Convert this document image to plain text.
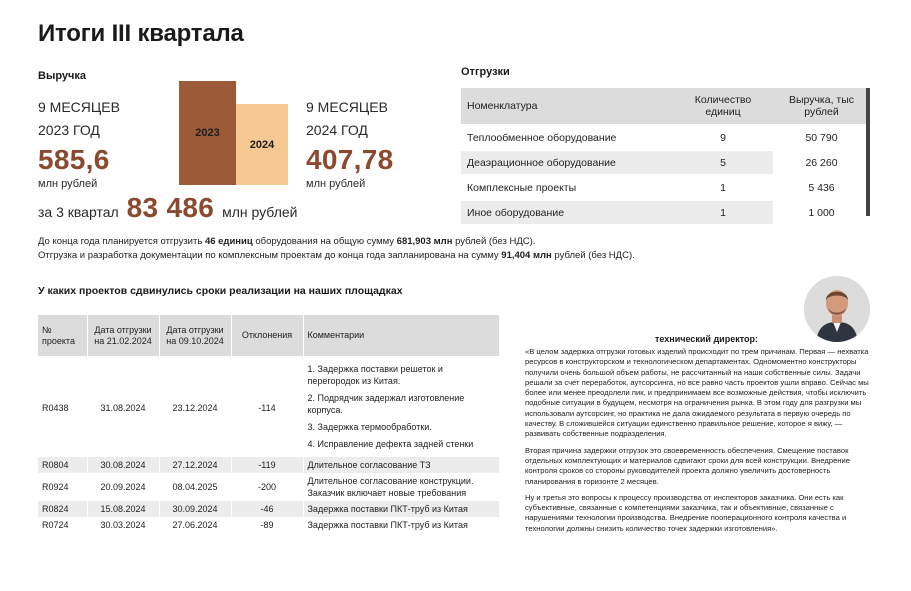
Итоги III квартала
Выручка
9 МЕСЯЦЕВ
2023 ГОД
585,6
млн рублей
2023
2024
9 МЕСЯЦЕВ
2024 ГОД
407,78
млн рублей
за 3 квартал 83 486 млн рублей
До конца года планируется отгрузить 46 единиц оборудования на общую сумму 681,903 млн рублей (без НДС).
Отгрузка и разработка документации по комплексным проектам до конца года запланирована на сумму 91,404 млн рублей (без НДС).
Отгрузки
Номенклатура	Количество единиц	Выручка, тыс рублей
Теплообменное оборудование	9	50 790
Деаэрационное оборудование	5	26 260
Комплексные проекты	1	5 436
Иное оборудование	1	1 000
У каких проектов сдвинулись сроки реализации на наших площадках
№ проекта	Дата отгрузки на 21.02.2024	Дата отгрузки на 09.10.2024	Отклонения	Комментарии
R0438	31.08.2024	23.12.2024	-114	1. Задержка поставки решеток и перегородок из Китая.
2. Подрядчик задержал изготовление корпуса.
3. Задержка термообработки.
4. Исправление дефекта задней стенки

R0804	30.08.2024	27.12.2024	-119	Длительное согласование ТЗ
R0924	20.09.2024	08.04.2025	-200	Длительное согласование конструкции. Заказчик включает новые требования
R0824	15.08.2024	30.09.2024	-46	Задержка поставки ПКТ-труб из Китая
R0724	30.03.2024	27.06.2024	-89	Задержка поставки ПКТ-труб из Китая
технический директор:

«В целом задержка отгрузки готовых изделий происходит по трем причинам. Первая — нехватка ресурсов в конструкторском и технологическом департаментах. Одномоментно конструкторы получили очень большой объем работы, не рассчитанный на наши собственные силы. Задачи решали за счет переработок, аутсорсинга, но все равно часть проектов ушли вправо. Сейчас мы более или менее преодолели пик, и предпринимаем все возможные действия, чтобы исключить подобные ситуации в будущем, несмотря на ограничения рынка. В этом году для разгрузки мы использовали аутсорсинг, но практика не дала ожидаемого результата в первую очередь по качеству. В сложившейся ситуации единственно правильное решение, которое я вижу, — развивать собственные подразделения.

Вторая причина задержки отгрузок это своевременность обеспечения. Смещение поставок отдельных комплектующих и материалов сдвигают сроки для всей конструкции. Внедрение контроля сроков со стороны руководителей проекта должно увеличить достоверность планирования в горизонте 2 месяцев.

Ну и третья это вопросы к процессу производства от инспекторов заказчика. Они есть как субъективные, связанные с компетенциями заказчика, так и объективные, связанные с нарушениями технологии производства. Внедрение пооперационного контроля качества и технологии должны снизить количество точек задержки изготовления».
